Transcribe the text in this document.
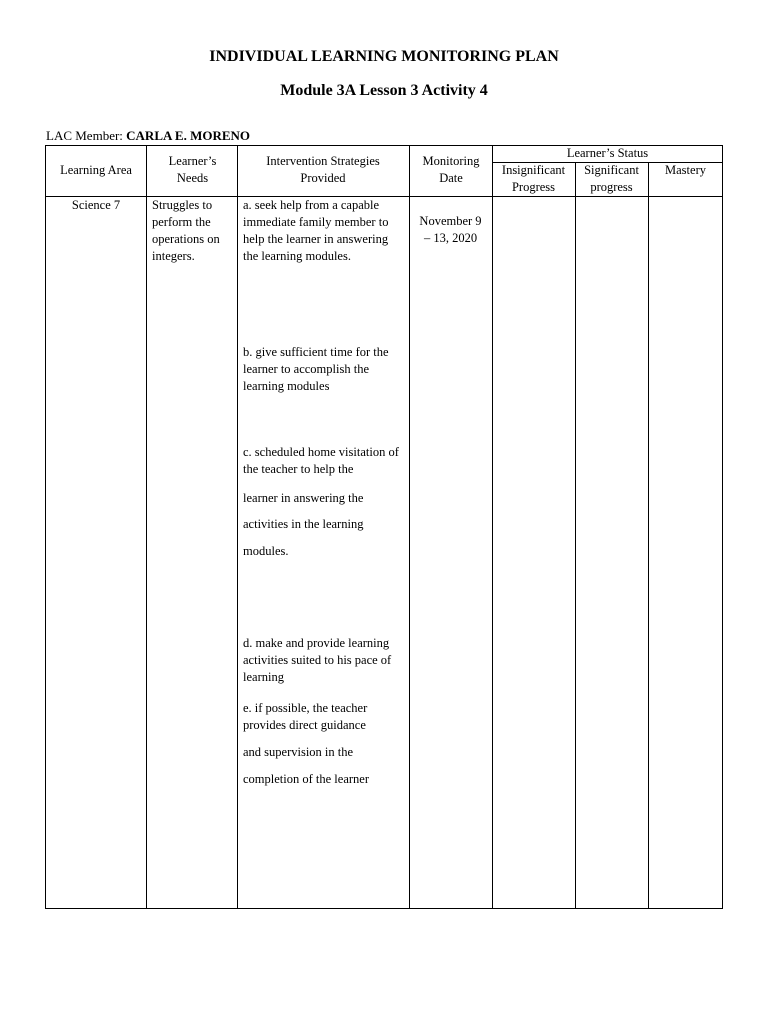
INDIVIDUAL LEARNING MONITORING PLAN
Module 3A Lesson 3 Activity 4
LAC Member: CARLA E. MORENO
Learning Area
Learner’s Needs
Intervention Strategies Provided
Monitoring Date
Learner’s Status
Insignificant Progress
Significant progress
Mastery
Science 7	Struggles to perform the operations on integers.
November 9 – 13, 2020
a. seek help from a capable immediate family member to help the learner in answering the learning modules.
b. give sufficient time for the learner to accomplish the learning modules
c. scheduled home visitation of the teacher to help the
learner in answering the
activities in the learning
modules.
d. make and provide learning activities suited to his pace of learning
e. if possible, the teacher provides direct guidance
and supervision in the
completion of the learner
